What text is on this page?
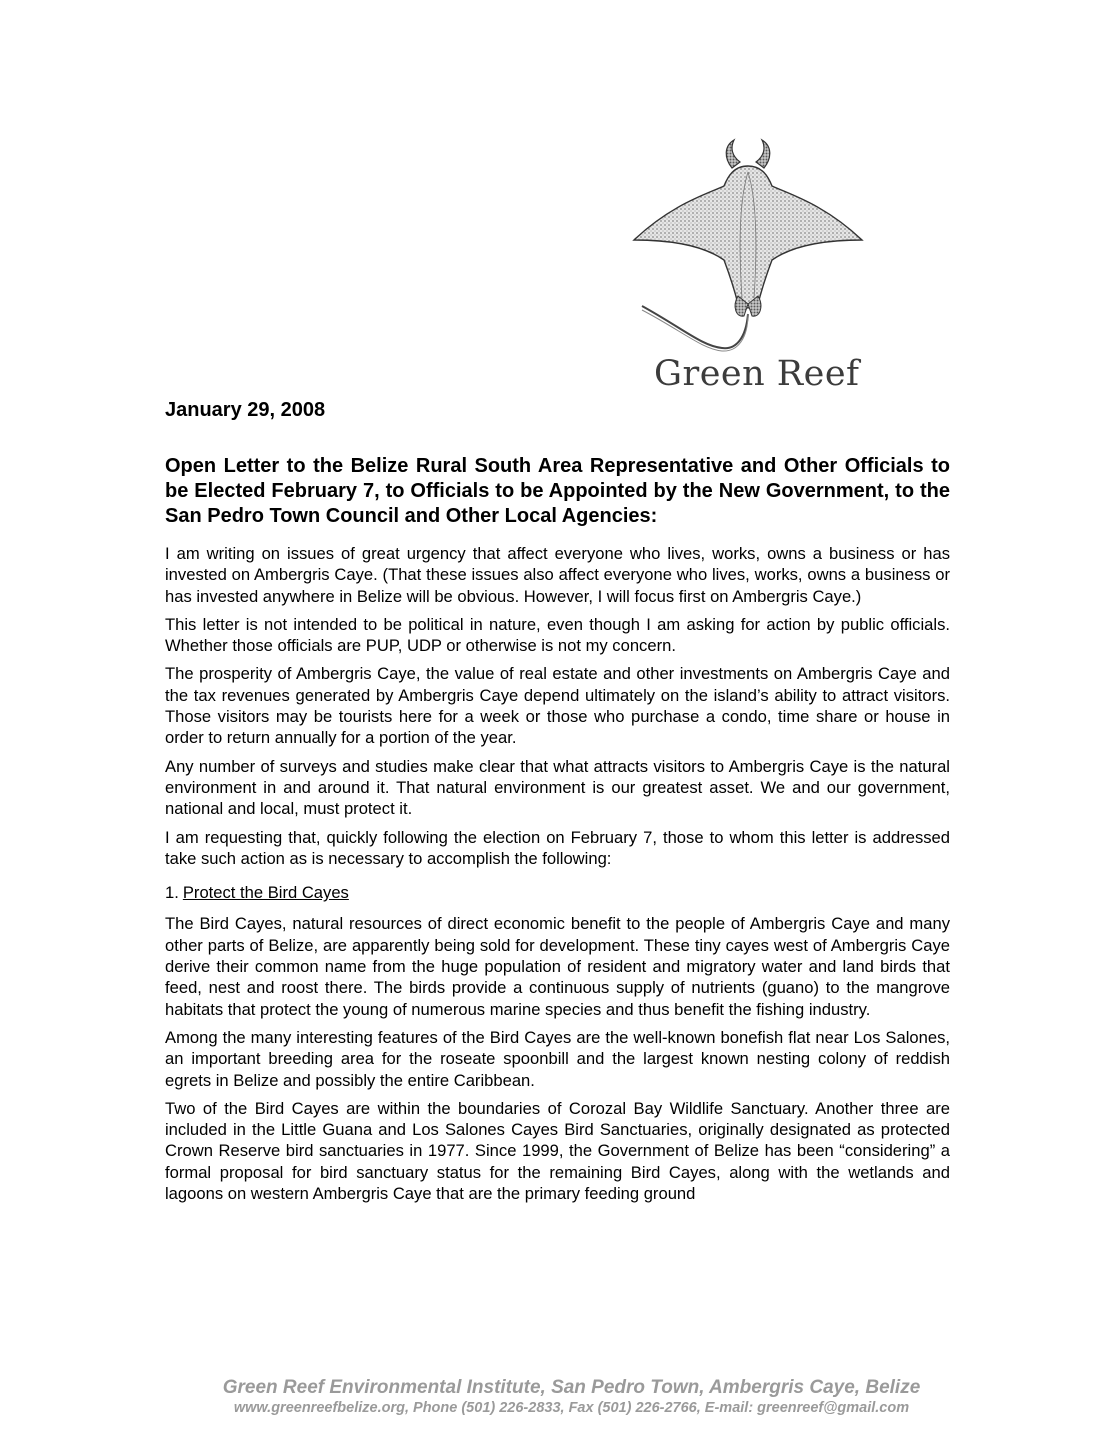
Green Reef
January 29, 2008
Open Letter to the Belize Rural South Area Representative and Other Officials to be Elected February 7, to Officials to be Appointed by the New Government, to the San Pedro Town Council and Other Local Agencies:

I am writing on issues of great urgency that affect everyone who lives, works, owns a business or has invested on Ambergris Caye. (That these issues also affect everyone who lives, works, owns a business or has invested anywhere in Belize will be obvious. However, I will focus first on Ambergris Caye.)

This letter is not intended to be political in nature, even though I am asking for action by public officials. Whether those officials are PUP, UDP or otherwise is not my concern.

The prosperity of Ambergris Caye, the value of real estate and other investments on Ambergris Caye and the tax revenues generated by Ambergris Caye depend ultimately on the island’s ability to attract visitors. Those visitors may be tourists here for a week or those who purchase a condo, time share or house in order to return annually for a portion of the year.

Any number of surveys and studies make clear that what attracts visitors to Ambergris Caye is the natural environment in and around it. That natural environment is our greatest asset. We and our government, national and local, must protect it.

I am requesting that, quickly following the election on February 7, those to whom this letter is addressed take such action as is necessary to accomplish the following:

1. Protect the Bird Cayes

The Bird Cayes, natural resources of direct economic benefit to the people of Ambergris Caye and many other parts of Belize, are apparently being sold for development. These tiny cayes west of Ambergris Caye derive their common name from the huge population of resident and migratory water and land birds that feed, nest and roost there. The birds provide a continuous supply of nutrients (guano) to the mangrove habitats that protect the young of numerous marine species and thus benefit the fishing industry.

Among the many interesting features of the Bird Cayes are the well-known bonefish flat near Los Salones, an important breeding area for the roseate spoonbill and the largest known nesting colony of reddish egrets in Belize and possibly the entire Caribbean.

Two of the Bird Cayes are within the boundaries of Corozal Bay Wildlife Sanctuary. Another three are included in the Little Guana and Los Salones Cayes Bird Sanctuaries, originally designated as protected Crown Reserve bird sanctuaries in 1977. Since 1999, the Government of Belize has been “considering” a formal proposal for bird sanctuary status for the remaining Bird Cayes, along with the wetlands and lagoons on western Ambergris Caye that are the primary feeding ground

Green Reef Environmental Institute, San Pedro Town, Ambergris Caye, Belize
www.greenreefbelize.org, Phone (501) 226-2833, Fax (501) 226-2766, E-mail: greenreef@gmail.com
